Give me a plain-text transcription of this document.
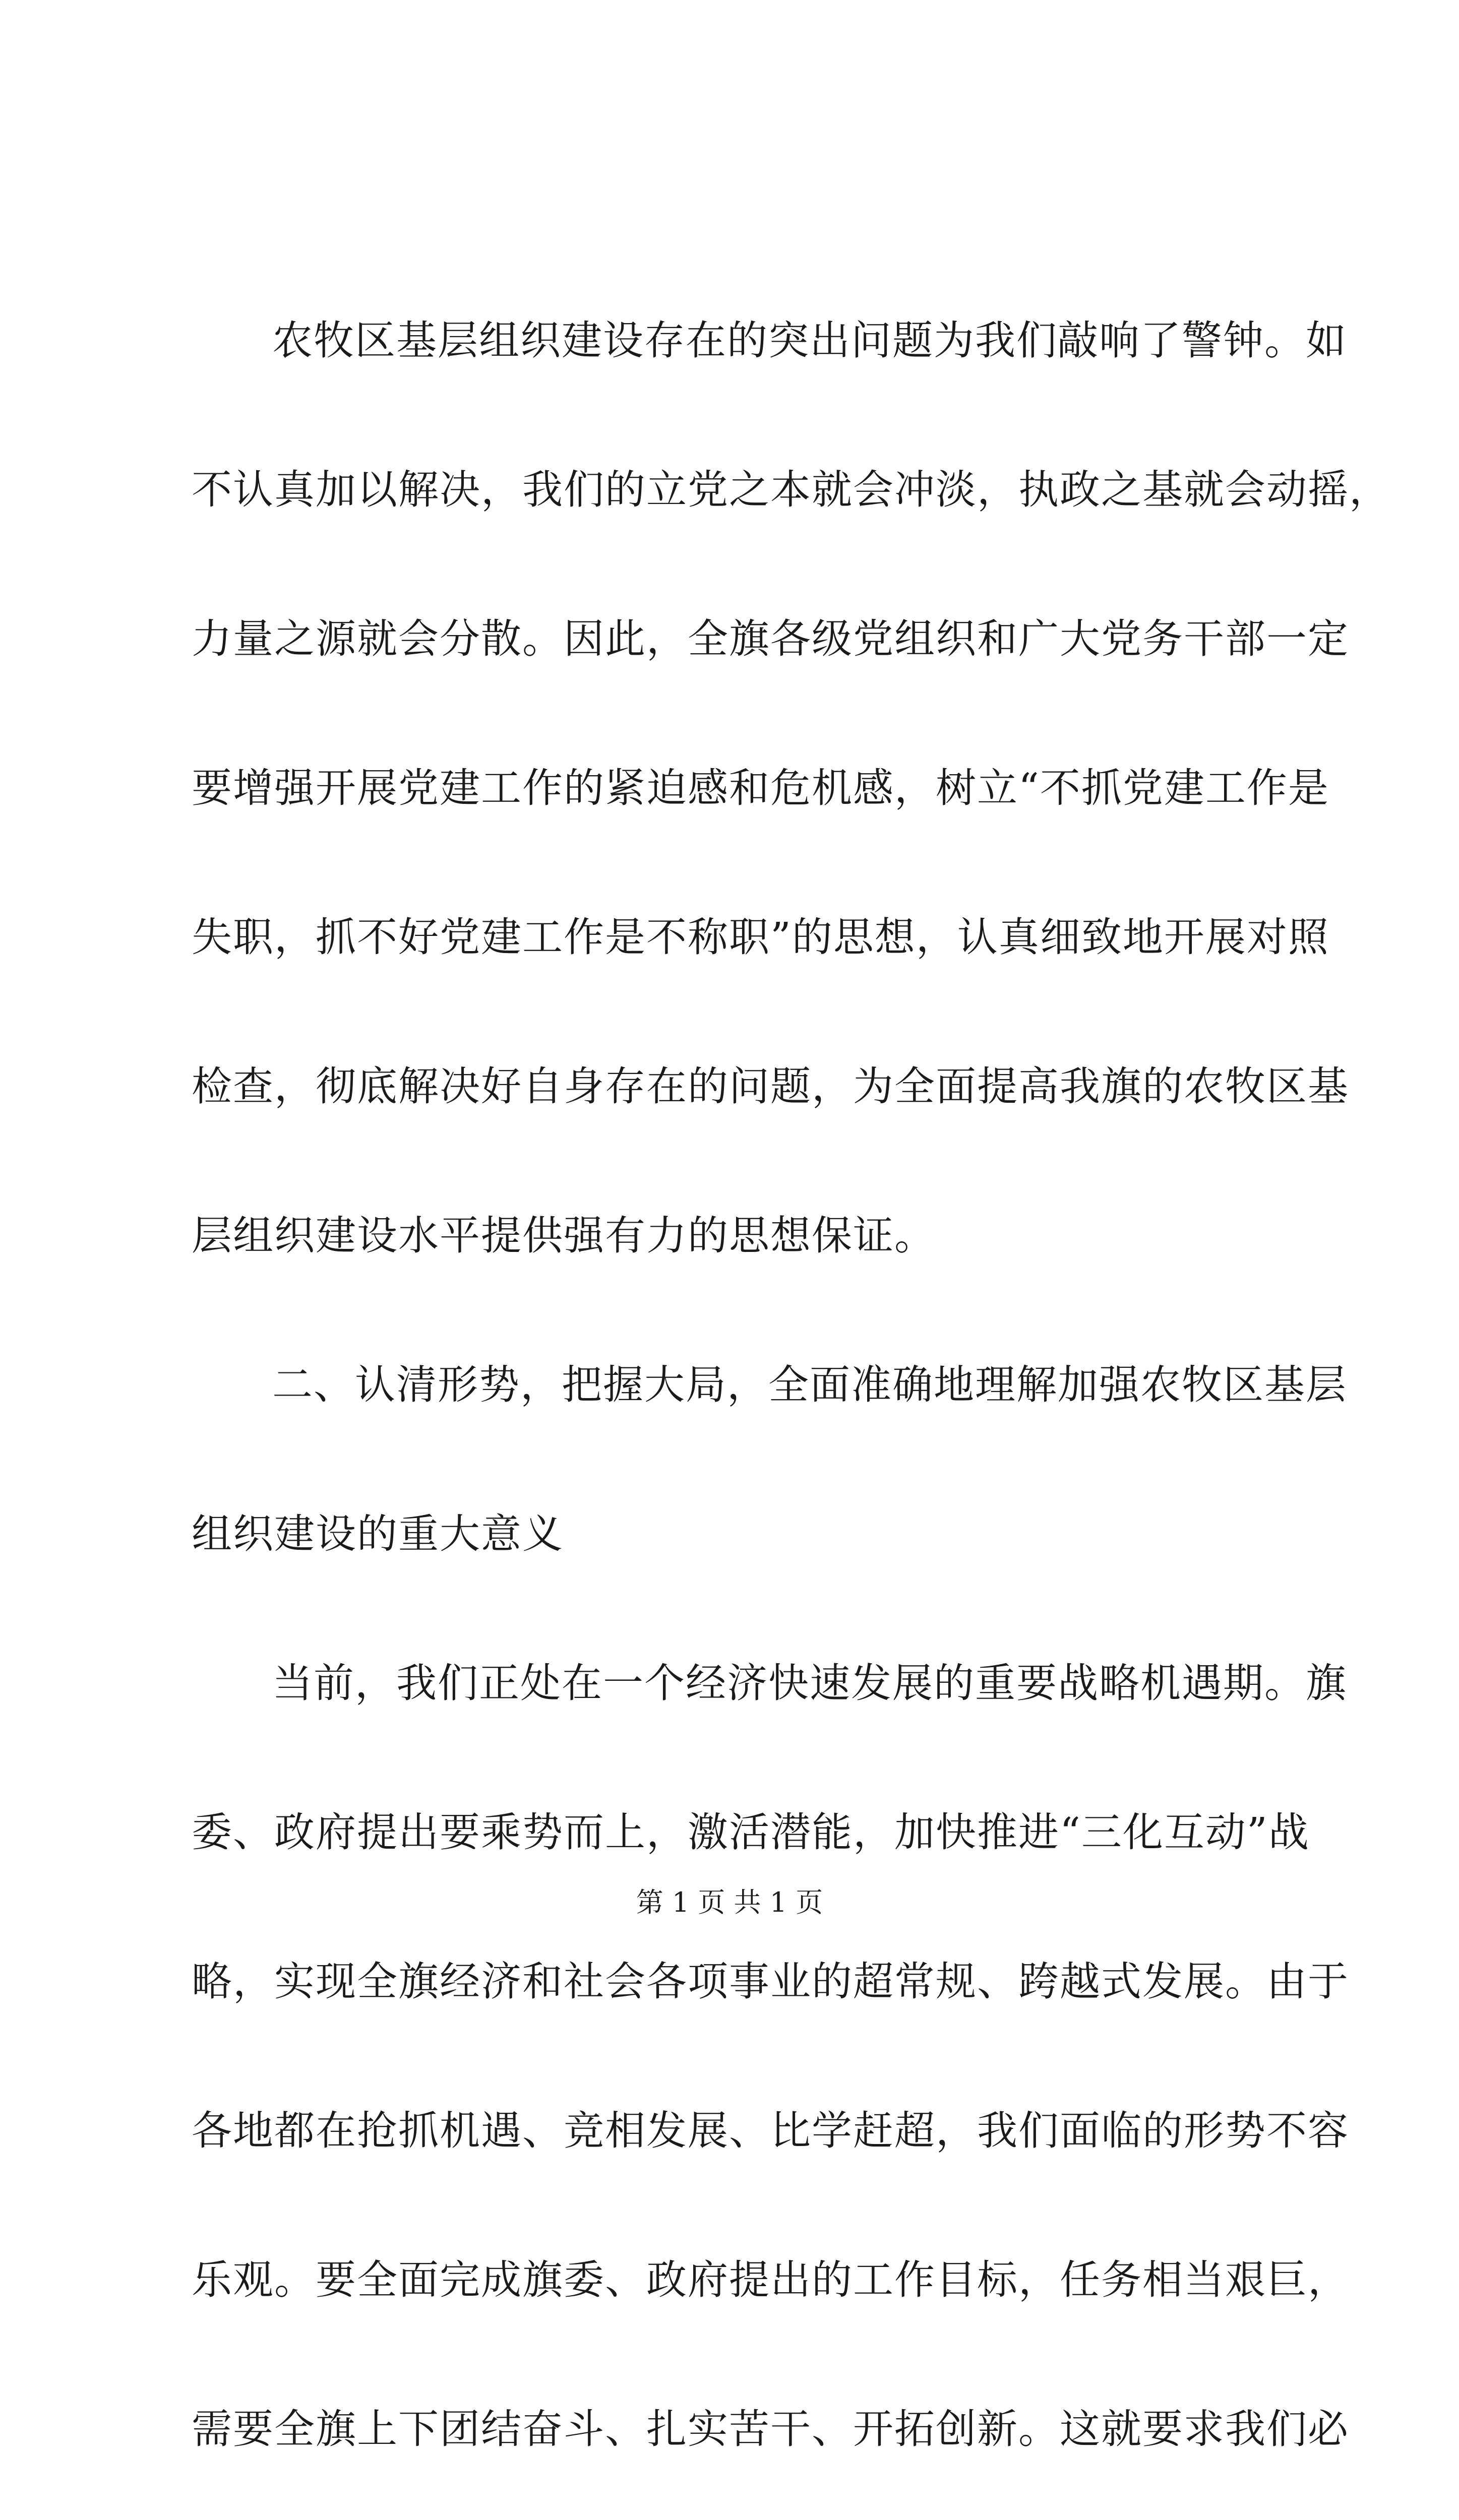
农牧区基层组织建设存在的突出问题为我们敲响了警钟。如
不认真加以解决，我们的立党之本就会冲淡，执政之基就会动摇，
力量之源就会分散。因此，全旗各级党组织和广大党务干部一定
要增强开展党建工作的紧迫感和危机感，树立“不抓党建工作是
失职，抓不好党建工作是不称职”的思想，认真细致地开展对照
检查，彻底解决好自身存在的问题，为全面提高我旗的农牧区基
层组织建设水平提供强有力的思想保证。
二、认清形势，把握大局，全面准确地理解加强农牧区基层
组织建设的重大意义
当前，我们正处在一个经济快速发展的重要战略机遇期。旗
委、政府提出要乘势而上，激活潜能，加快推进“三化互动”战
略，实现全旗经济和社会各项事业的超常规、跨越式发展。由于
各地都在抢抓机遇、竞相发展、比学赶超，我们面临的形势不容
乐观。要全面完成旗委、政府提出的工作目标，任务相当艰巨，
需要全旗上下团结奋斗、扎实苦干、开拓创新。这就要求我们必
第 1 页 共 1 页
